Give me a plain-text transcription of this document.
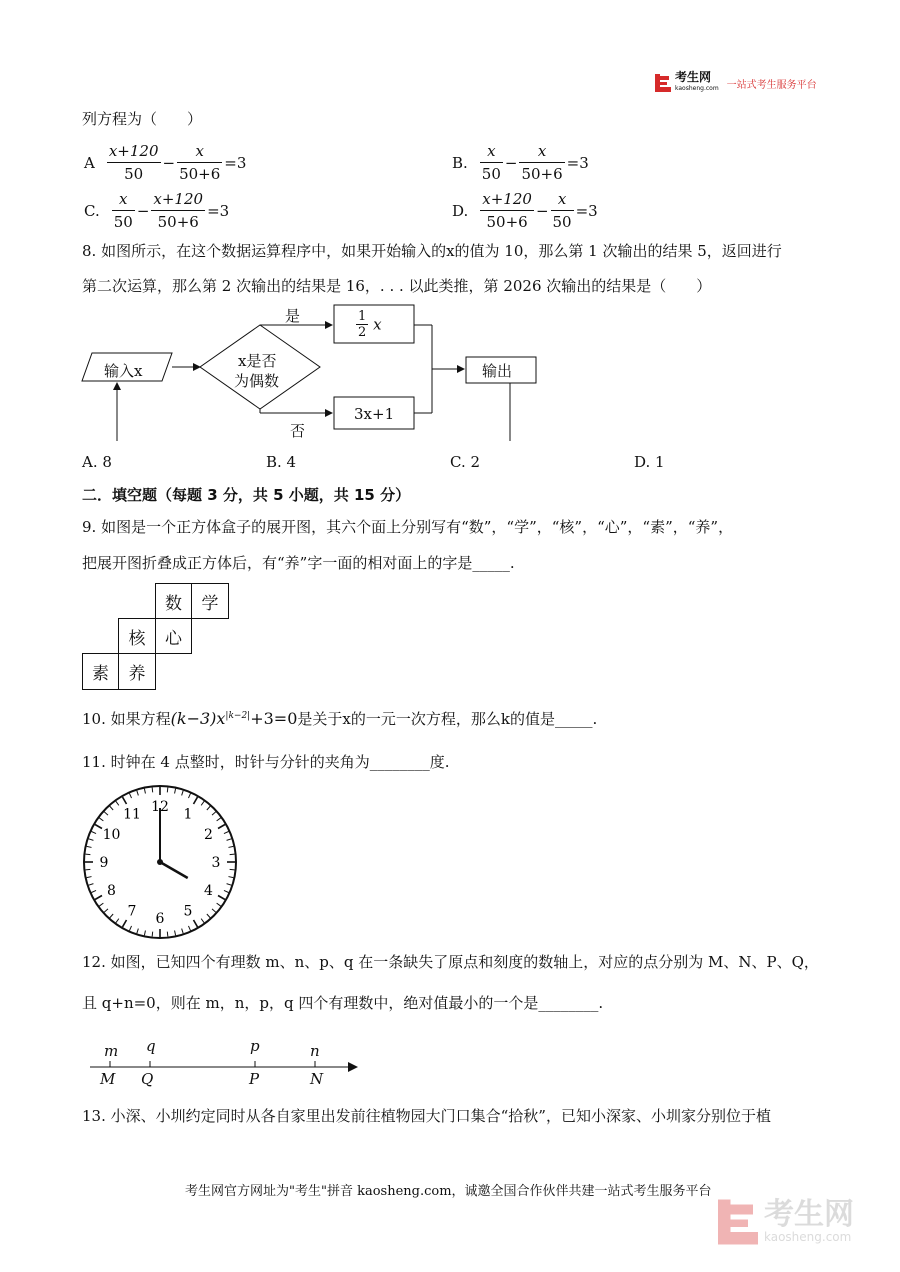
考生网
kaosheng.com 一站式考生服务平台
列方程为（　　）
A $\frac{x+120}{50} - \frac{x}{50+6} =3$	B. $\frac{x}{50} - \frac{x}{50+6} =3$
C. $\frac{x}{50} - \frac{x+120}{50+6} =3$	D. $\frac{x+120}{50+6} - \frac{x}{50} =3$
8. 如图所示，在这个数据运算程序中，如果开始输入的x的值为 10，那么第 1 次输出的结果 5，返回进行
第二次运算，那么第 2 次输出的结果是 16，. . . 以此类推，第 2026 次输出的结果是（　　）
输入x
x是否
为偶数
是
否
$\frac{1}{2}$ x
3x+1
输出
A. 8	B. 4	C. 2	D. 1
二．填空题（每题 3 分，共 5 小题，共 15 分）
9. 如图是一个正方体盒子的展开图，其六个面上分别写有“数”，“学”，“核”，“心”，“素”，“养”，
把展开图折叠成正方体后，有“养”字一面的相对面上的字是_____.
数	学
核	心
素	养
10. 如果方程$(k-3)x^{|k-2|}+3=0$是关于x的一元一次方程，那么k的值是_____.
11. 时钟在 4 点整时，时针与分针的夹角为________度.
12 1
2
3
4
5
6
7
8
9
10
11
12. 如图，已知四个有理数 m、n、p、q 在一条缺失了原点和刻度的数轴上，对应的点分别为 M、N、P、Q，
且 q+n=0，则在 m，n，p，q 四个有理数中，绝对值最小的一个是________.
m q	p	n
M Q	P	N
13. 小深、小圳约定同时从各自家里出发前往植物园大门口集合“拾秋”，已知小深家、小圳家分别位于植
考生网官方网址为"考生"拼音 kaosheng.com，诚邀全国合作伙伴共建一站式考生服务平台
考生网
kaosheng.com
